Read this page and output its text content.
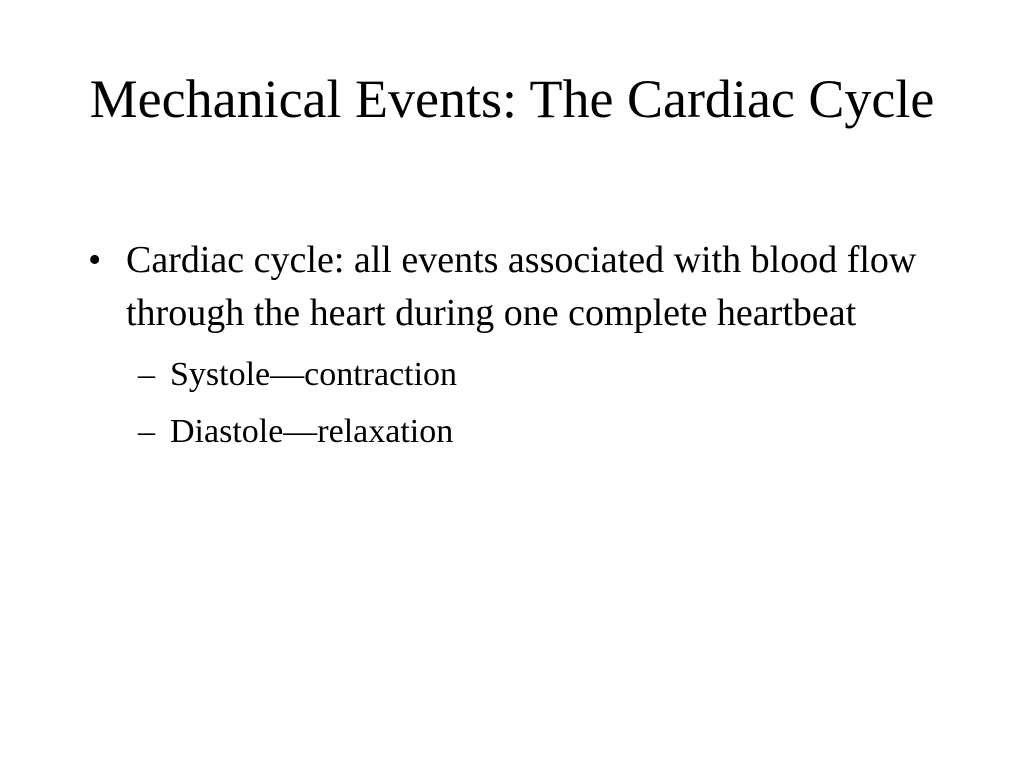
Mechanical Events: The Cardiac Cycle
• Cardiac cycle: all events associated with blood flow through the heart during one complete heartbeat
– Systole—contraction
– Diastole—relaxation
